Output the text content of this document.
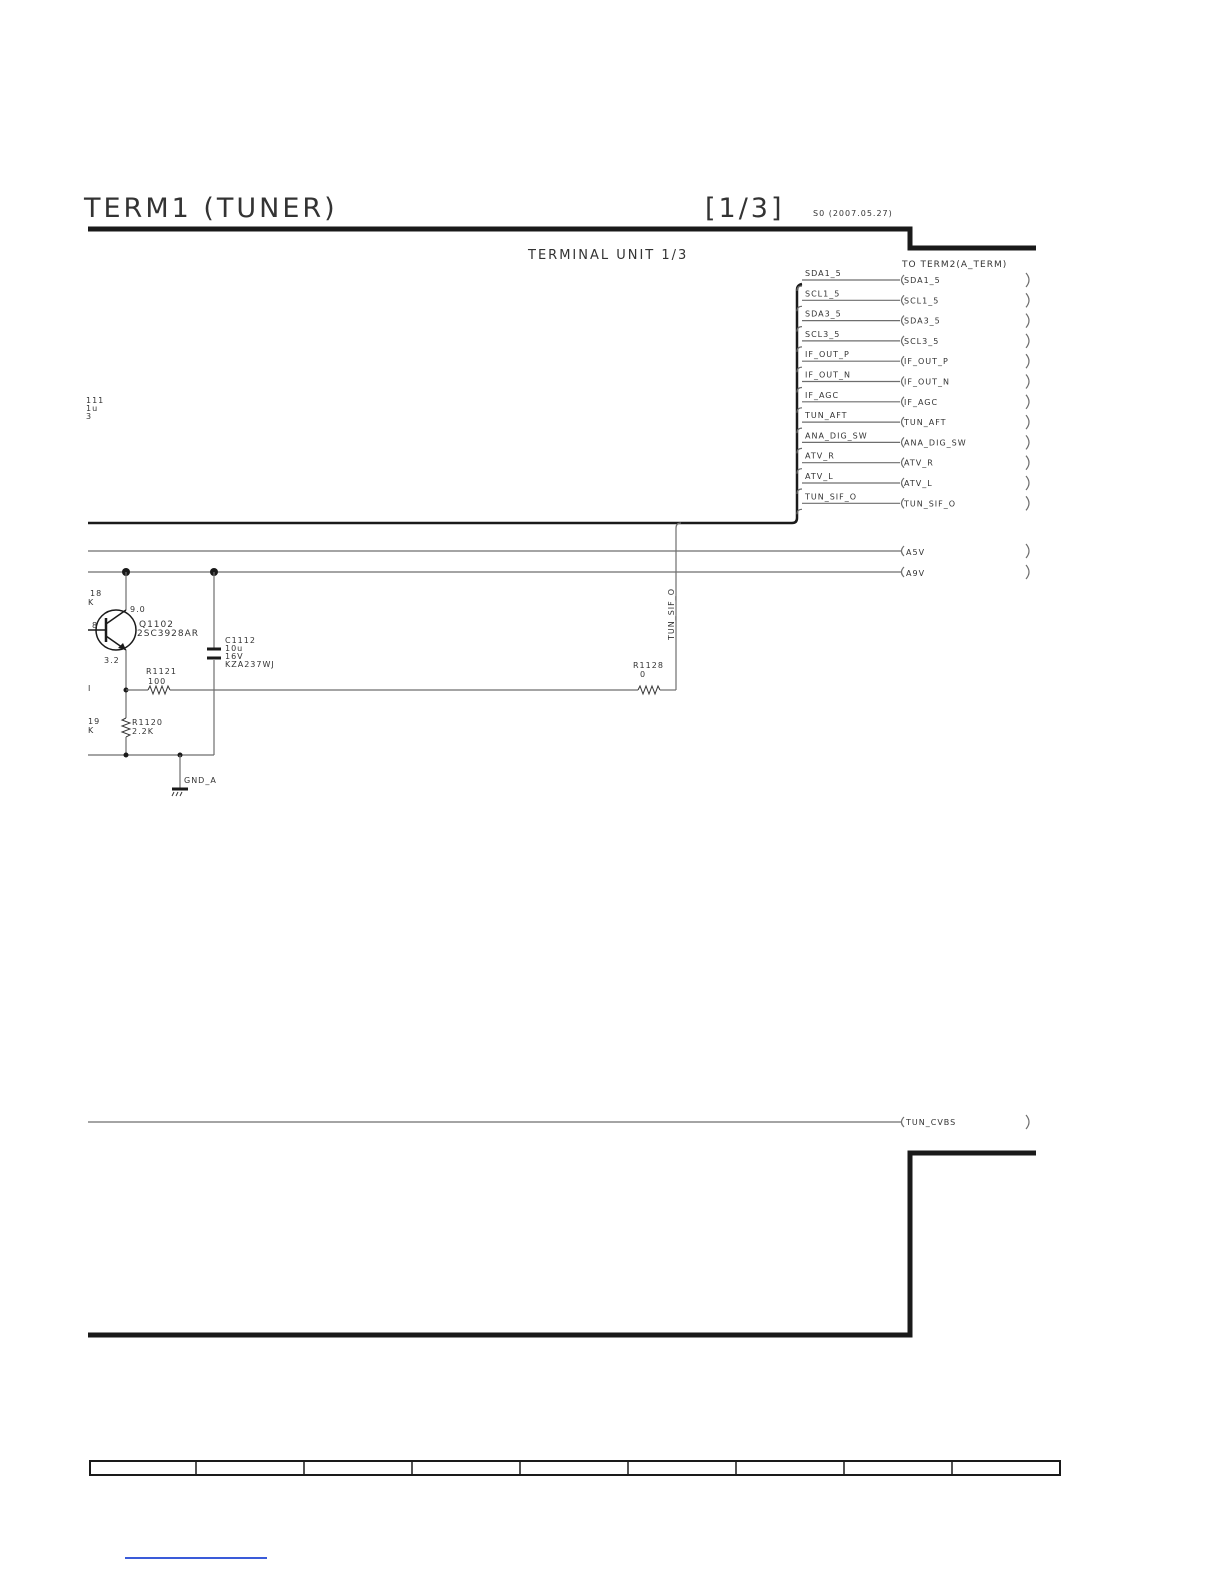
TERM1 (TUNER)	[1/3]	S0 (2007.05.27)
TERMINAL UNIT 1/3
TO TERM2(A_TERM)
SDA1_5
SDA1_5
SCL1_5
SCL1_5
SDA3_5
SDA3_5
SCL3_5
SCL3_5
IF_OUT_P
IF_OUT_P
IF_OUT_N
IF_OUT_N
IF_AGC
IF_AGC
TUN_AFT
TUN_AFT
ANA_DIG_SW
ANA_DIG_SW
ATV_R
ATV_R
ATV_L
ATV_L
TUN_SIF_O
TUN_SIF_O
A5V
A9V
TUN_SIF_O
9.0
Q1102
2SC3928AR
3.2
C1112
10u
16V
KZA237WJ
R1121
100
R1128
0
R1120
2.2K
GND_A
111
1u
3
18
K
8
I
19
K
TUN_CVBS
